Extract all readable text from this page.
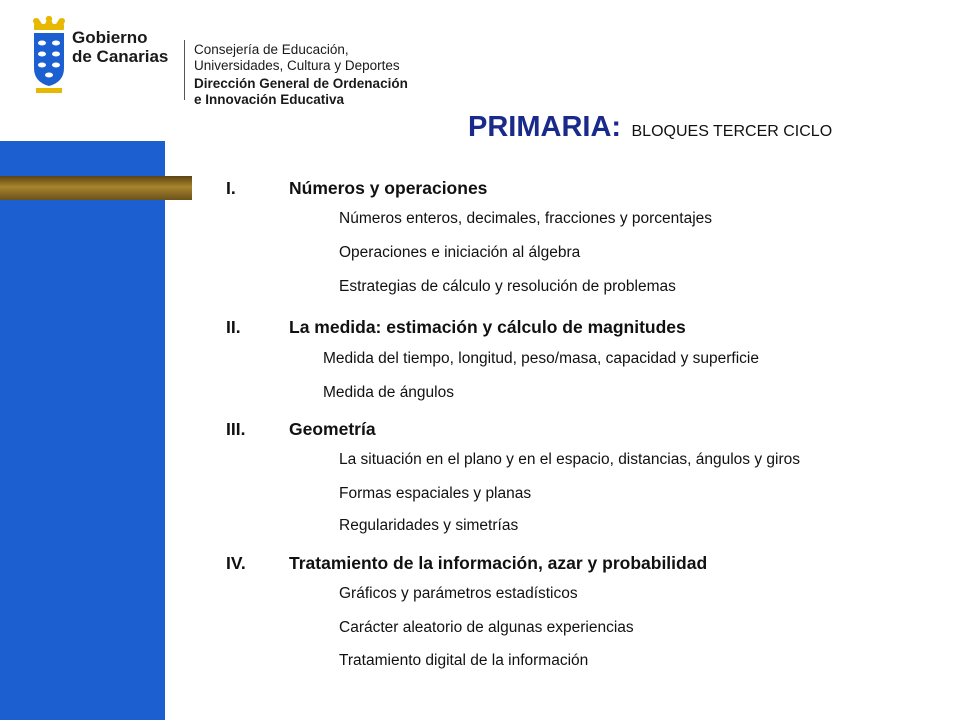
Gobierno
de Canarias Consejería de Educación,
Universidades, Cultura y Deportes
Dirección General de Ordenación
e Innovación Educativa
PRIMARIA: BLOQUES TERCER CICLO
I.	Números y operaciones
Números enteros, decimales, fracciones y porcentajes
Operaciones e iniciación al álgebra
Estrategias de cálculo y resolución de problemas
II.	La medida: estimación y cálculo de magnitudes
Medida del tiempo, longitud, peso/masa, capacidad y superficie
Medida de ángulos
III. Geometría
La situación en el plano y en el espacio, distancias, ángulos y giros
Formas espaciales y planas
Regularidades y simetrías
IV. Tratamiento de la información, azar y probabilidad
Gráficos y parámetros estadísticos
Carácter aleatorio de algunas experiencias
Tratamiento digital de la información
